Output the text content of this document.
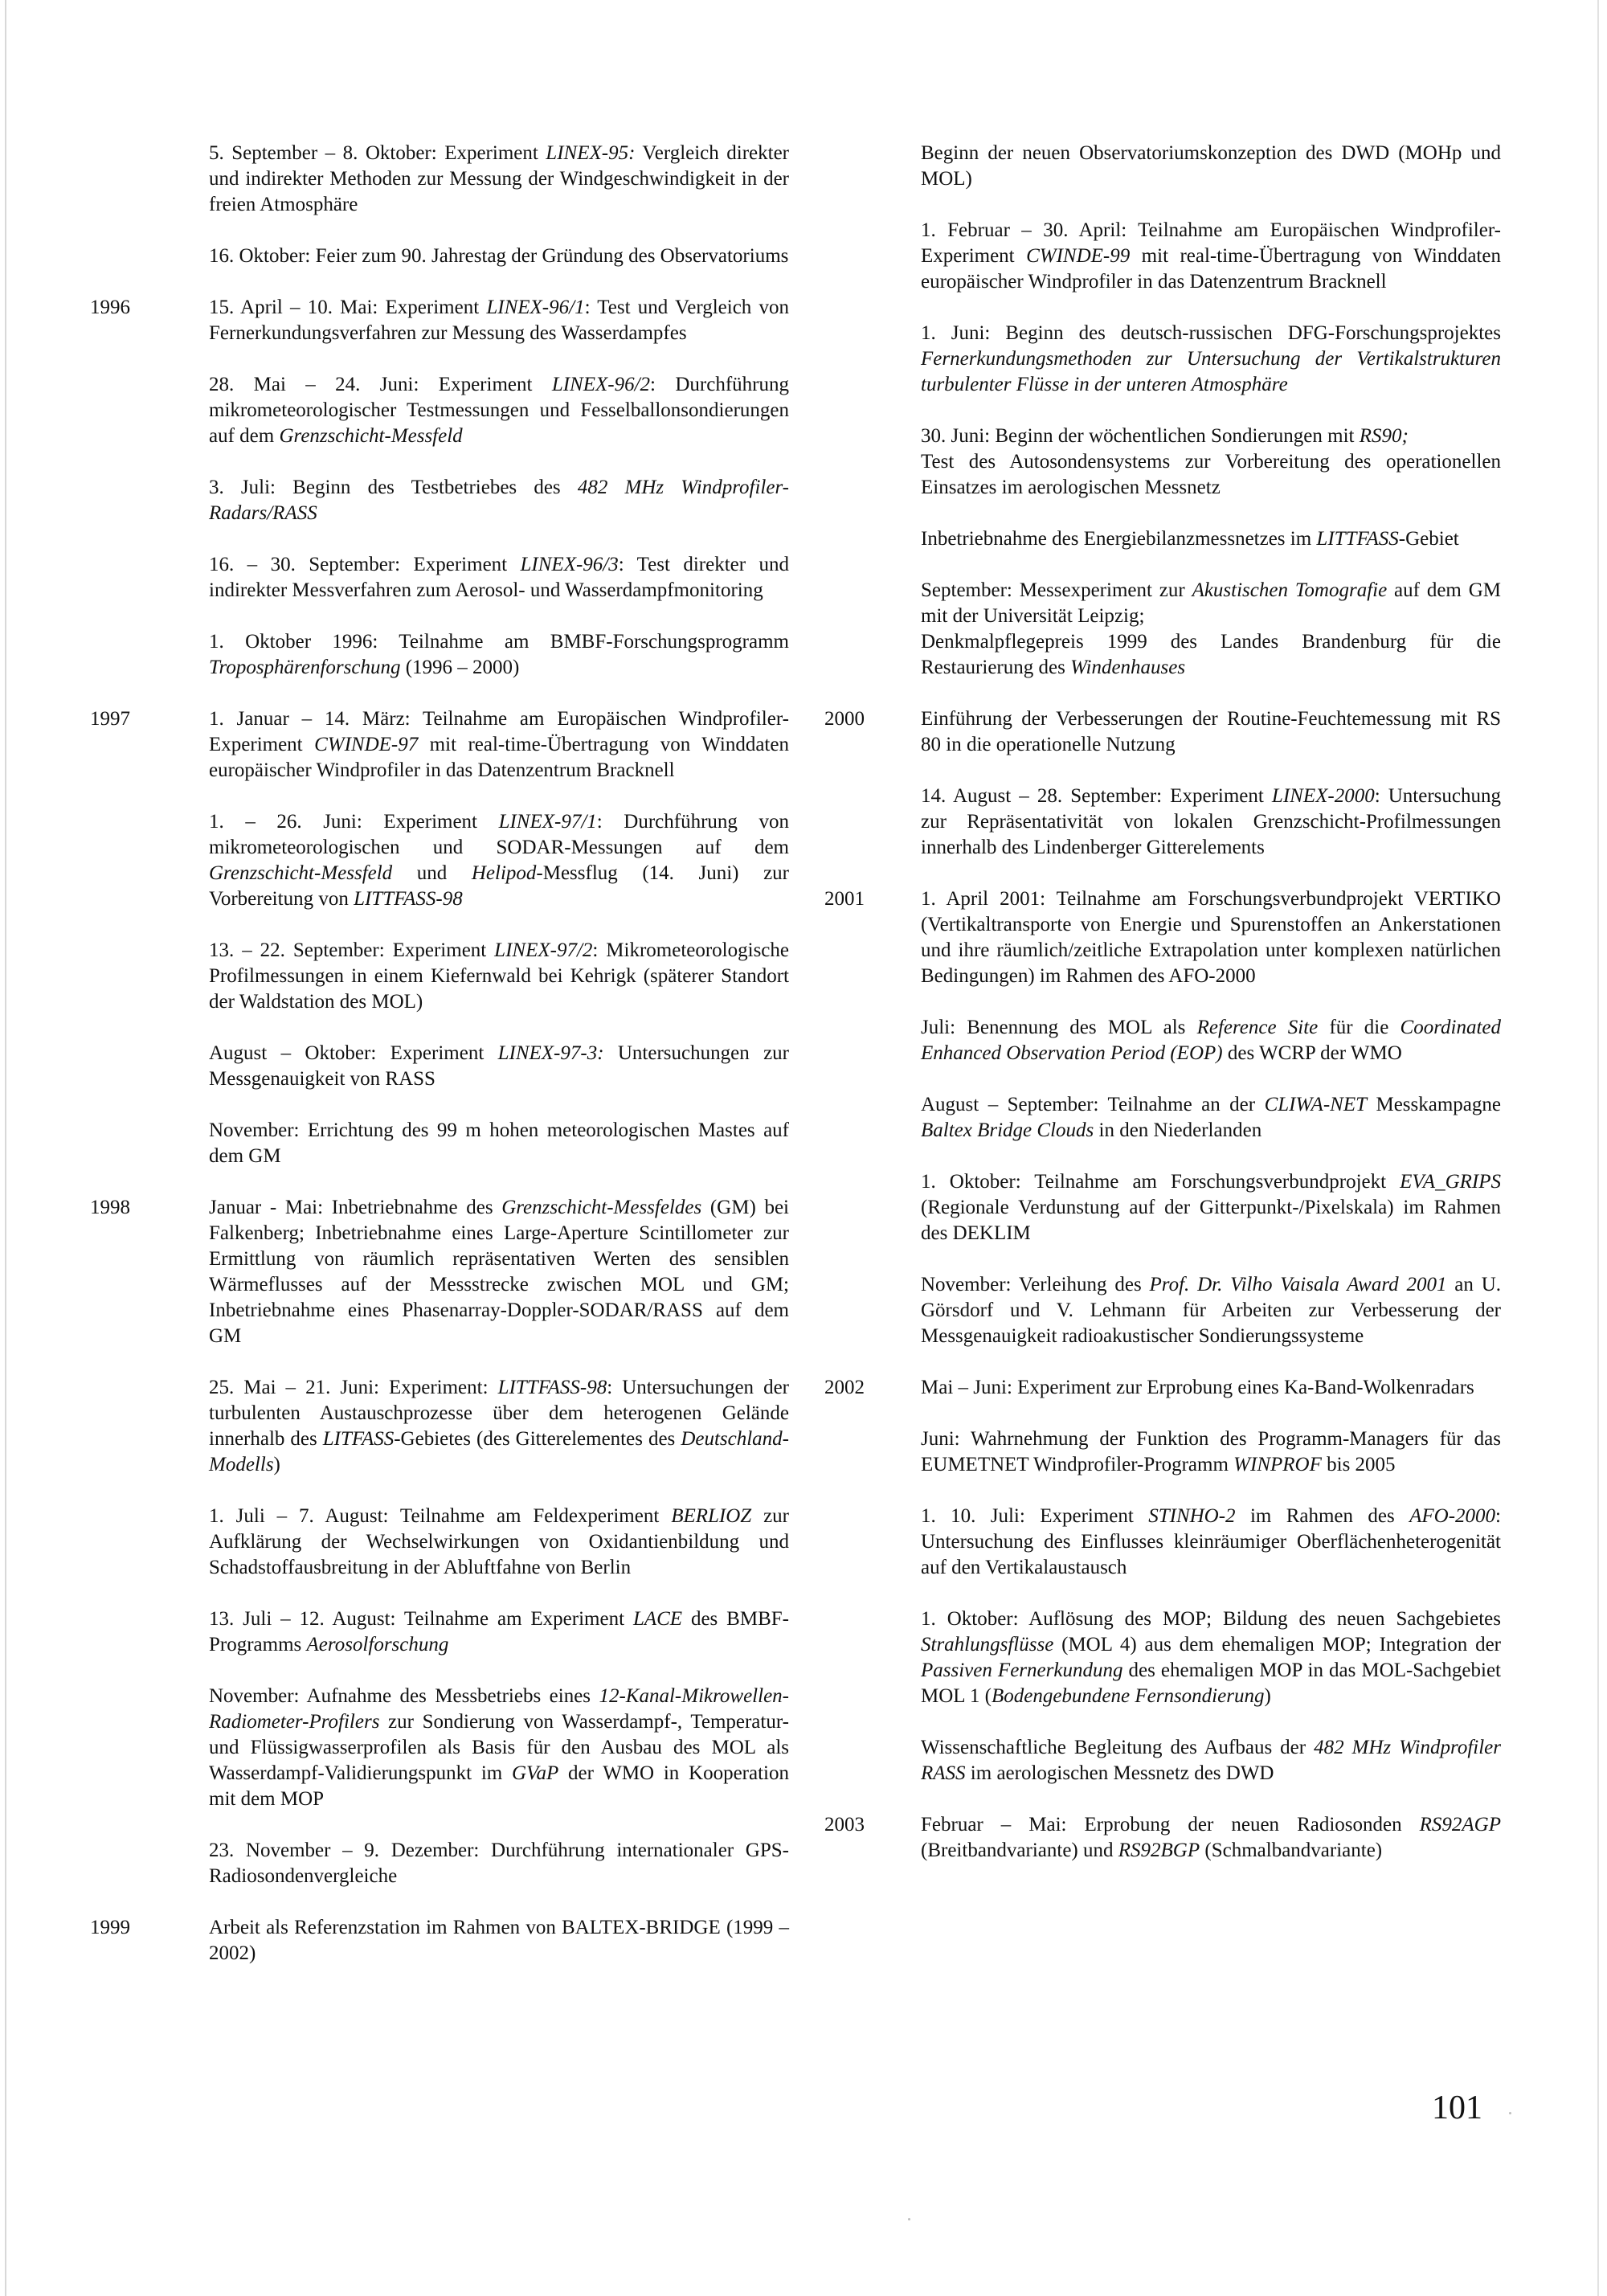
5. September – 8. Oktober: Experiment LINEX-95: Vergleich direkter und indirekter Methoden zur Messung der Windgeschwindigkeit in der freien Atmosphäre
16. Oktober: Feier zum 90. Jahrestag der Gründung des Observatoriums
1996	15. April – 10. Mai: Experiment LINEX-96/1: Test und Vergleich von Fernerkundungsverfahren zur Messung des Wasserdampfes
28. Mai – 24. Juni: Experiment LINEX-96/2: Durchführung mikrometeorologischer Testmessungen und Fesselballonsondierungen auf dem Grenzschicht-Messfeld
3. Juli: Beginn des Testbetriebes des 482 MHz Windprofiler-Radars/RASS
16. – 30. September: Experiment LINEX-96/3: Test direkter und indirekter Messverfahren zum Aerosol- und Wasserdampfmonitoring
1. Oktober 1996: Teilnahme am BMBF-Forschungsprogramm Troposphärenforschung (1996 – 2000)
1997	1. Januar – 14. März: Teilnahme am Europäischen Windprofiler-Experiment CWINDE-97 mit real-time-Übertragung von Winddaten europäischer Windprofiler in das Datenzentrum Bracknell
1. – 26. Juni: Experiment LINEX-97/1: Durchführung von mikrometeorologischen und SODAR-Messungen auf dem Grenzschicht-Messfeld und Helipod-Messflug (14. Juni) zur Vorbereitung von LITTFASS-98
13. – 22. September: Experiment LINEX-97/2: Mikrometeorologische Profilmessungen in einem Kiefernwald bei Kehrigk (späterer Standort der Waldstation des MOL)
August – Oktober: Experiment LINEX-97-3: Untersuchungen zur Messgenauigkeit von RASS
November: Errichtung des 99 m hohen meteorologischen Mastes auf dem GM
1998	Januar - Mai: Inbetriebnahme des Grenzschicht-Messfeldes (GM) bei Falkenberg; Inbetriebnahme eines Large-Aperture Scintillometer zur Ermittlung von räumlich repräsentativen Werten des sensiblen Wärmeflusses auf der Messstrecke zwischen MOL und GM; Inbetriebnahme eines Phasenarray-Doppler-SODAR/RASS auf dem GM
25. Mai – 21. Juni: Experiment: LITTFASS-98: Untersuchungen der turbulenten Austauschprozesse über dem heterogenen Gelände innerhalb des LITFASS-Gebietes (des Gitterelementes des Deutschland-Modells)
1. Juli – 7. August: Teilnahme am Feldexperiment BERLIOZ zur Aufklärung der Wechselwirkungen von Oxidantienbildung und Schadstoffausbreitung in der Abluftfahne von Berlin
13. Juli – 12. August: Teilnahme am Experiment LACE des BMBF-Programms Aerosolforschung
November: Aufnahme des Messbetriebs eines 12-Kanal-Mikrowellen-Radiometer-Profilers zur Sondierung von Wasserdampf-, Temperatur- und Flüssigwasserprofilen als Basis für den Ausbau des MOL als Wasserdampf-Validierungspunkt im GVaP der WMO in Kooperation mit dem MOP
23. November – 9. Dezember: Durchführung internationaler GPS-Radiosondenvergleiche
1999	Arbeit als Referenzstation im Rahmen von BALTEX-BRIDGE (1999 – 2002)
Beginn der neuen Observatoriumskonzeption des DWD (MOHp und MOL)
1. Februar – 30. April: Teilnahme am Europäischen Windprofiler-Experiment CWINDE-99 mit real-time-Übertragung von Winddaten europäischer Windprofiler in das Datenzentrum Bracknell
1. Juni: Beginn des deutsch-russischen DFG-Forschungsprojektes Fernerkundungsmethoden zur Untersuchung der Vertikalstrukturen turbulenter Flüsse in der unteren Atmosphäre
30. Juni: Beginn der wöchentlichen Sondierungen mit RS90;
Test des Autosondensystems zur Vorbereitung des operationellen Einsatzes im aerologischen Messnetz
Inbetriebnahme des Energiebilanzmessnetzes im LITTFASS-Gebiet
September: Messexperiment zur Akustischen Tomografie auf dem GM mit der Universität Leipzig;
Denkmalpflegepreis 1999 des Landes Brandenburg für die Restaurierung des Windenhauses
2000	Einführung der Verbesserungen der Routine-Feuchtemessung mit RS 80 in die operationelle Nutzung
14. August – 28. September: Experiment LINEX-2000: Untersuchung zur Repräsentativität von lokalen Grenzschicht-Profilmessungen innerhalb des Lindenberger Gitterelements
2001	1. April 2001: Teilnahme am Forschungsverbundprojekt VERTIKO (Vertikaltransporte von Energie und Spurenstoffen an Ankerstationen und ihre räumlich/zeitliche Extrapolation unter komplexen natürlichen Bedingungen) im Rahmen des AFO-2000
Juli: Benennung des MOL als Reference Site für die Coordinated Enhanced Observation Period (EOP) des WCRP der WMO
August – September: Teilnahme an der CLIWA-NET Messkampagne Baltex Bridge Clouds in den Niederlanden
1. Oktober: Teilnahme am Forschungsverbundprojekt EVA_GRIPS (Regionale Verdunstung auf der Gitterpunkt-/Pixelskala) im Rahmen des DEKLIM
November: Verleihung des Prof. Dr. Vilho Vaisala Award 2001 an U. Görsdorf und V. Lehmann für Arbeiten zur Verbesserung der Messgenauigkeit radioakustischer Sondierungssysteme
2002	Mai – Juni: Experiment zur Erprobung eines Ka-Band-Wolkenradars
Juni: Wahrnehmung der Funktion des Programm-Managers für das EUMETNET Windprofiler-Programm WINPROF bis 2005
1. 10. Juli: Experiment STINHO-2 im Rahmen des AFO-2000: Untersuchung des Einflusses kleinräumiger Oberflächenheterogenität auf den Vertikalaustausch
1. Oktober: Auflösung des MOP; Bildung des neuen Sachgebietes Strahlungsflüsse (MOL 4) aus dem ehemaligen MOP; Integration der Passiven Fernerkundung des ehemaligen MOP in das MOL-Sachgebiet MOL 1 (Bodengebundene Fernsondierung)
Wissenschaftliche Begleitung des Aufbaus der 482 MHz Windprofiler RASS im aerologischen Messnetz des DWD
2003	Februar – Mai: Erprobung der neuen Radiosonden RS92AGP (Breitbandvariante) und RS92BGP (Schmalbandvariante)
101
